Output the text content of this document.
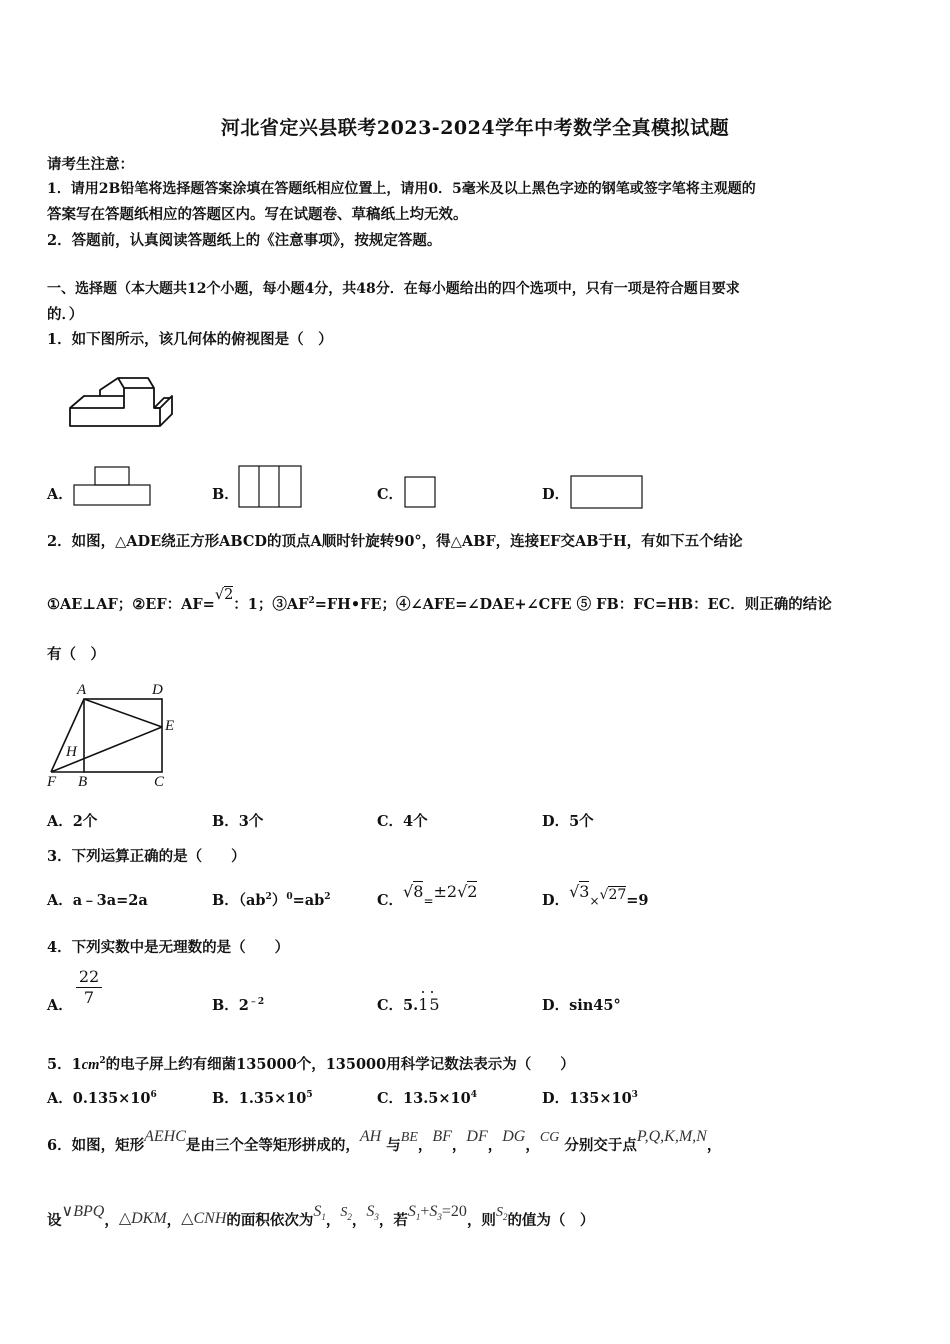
河北省定兴县联考2023-2024学年中考数学全真模拟试题
请考生注意：
1．请用2B铅笔将选择题答案涂填在答题纸相应位置上，请用0．5毫米及以上黑色字迹的钢笔或签字笔将主观题的
答案写在答题纸相应的答题区内。写在试题卷、草稿纸上均无效。
2．答题前，认真阅读答题纸上的《注意事项》，按规定答题。
一、选择题（本大题共12个小题，每小题4分，共48分．在每小题给出的四个选项中，只有一项是符合题目要求
的．）
1．如下图所示，该几何体的俯视图是（　）
A．	B．	C．	D．
2．如图，△ADE绕正方形ABCD的顶点A顺时针旋转90°，得△ABF，连接EF交AB于H，有如下五个结论
①AE⊥AF；②EF：AF=√2：1；$③AF^2=FH•FE$；④∠AFE=∠DAE+∠CFE ⑤ FB：FC=HB：EC．则正确的结论
有（　）
A	D
E
H
F B	C
A．2个	B．3个	C．4个	D．5个
3．下列运算正确的是（　　）
A．a﹣3a=2a	B．$(ab^2)^0=ab^2$	C．√8=±2√2	D．√3×√27=9
4．下列实数中是无理数的是（　　）
A． $\frac{22}{7}$	B．$2^{﹣2}$	C．5.15	D．sin45°
5．$1cm^2$的电子屏上约有细菌135000个，135000用科学记数法表示为（　　）
A．$0.135\times 10^6$	B．$1.35\times 10^5$	C．$13.5\times 10^4$	D．$135\times 10^3$
6．如图，矩形AEHC是由三个全等矩形拼成的，AH 与BE，BF，DF，DG，CG 分别交于点P,Q,K,M,N，
设∨BPQ，△DKM，△CNH的面积依次为$S_1$，$S_2$，$S_3$，若$S_1+S_3=20$，则$S_2$的值为（　）
